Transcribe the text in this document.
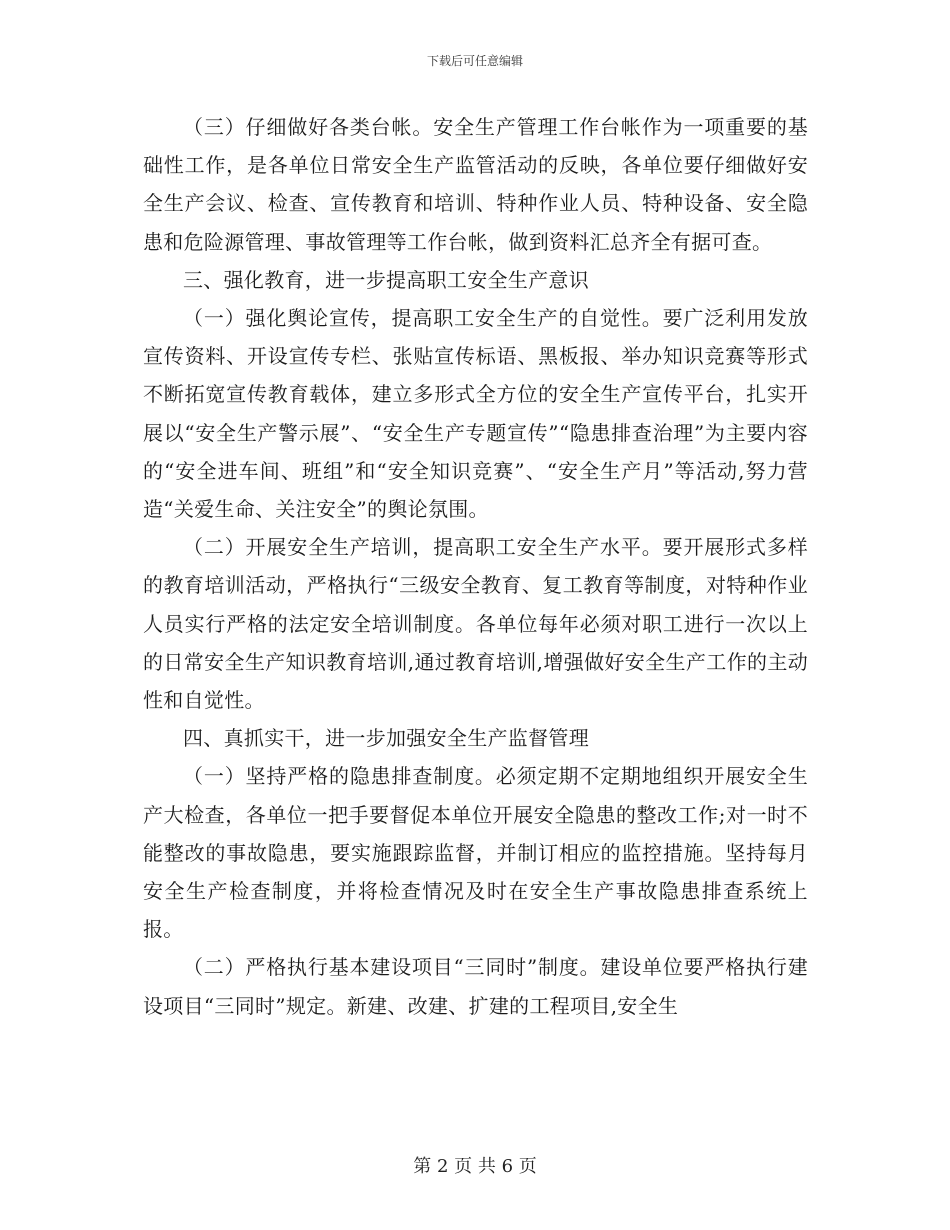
下载后可任意编辑

（三）仔细做好各类台帐。安全生产管理工作台帐作为一项重要的基础性工作，是各单位日常安全生产监管活动的反映，各单位要仔细做好安全生产会议、检查、宣传教育和培训、特种作业人员、特种设备、安全隐患和危险源管理、事故管理等工作台帐，做到资料汇总齐全有据可查。

三、强化教育，进一步提高职工安全生产意识

（一）强化舆论宣传，提高职工安全生产的自觉性。要广泛利用发放宣传资料、开设宣传专栏、张贴宣传标语、黑板报、举办知识竞赛等形式不断拓宽宣传教育载体，建立多形式全方位的安全生产宣传平台，扎实开展以“安全生产警示展”、“安全生产专题宣传”“隐患排查治理”为主要内容的“安全进车间、班组”和“安全知识竞赛”、“安全生产月”等活动,努力营造“关爱生命、关注安全”的舆论氛围。

（二）开展安全生产培训，提高职工安全生产水平。要开展形式多样的教育培训活动，严格执行“三级安全教育、复工教育等制度，对特种作业人员实行严格的法定安全培训制度。各单位每年必须对职工进行一次以上的日常安全生产知识教育培训,通过教育培训,增强做好安全生产工作的主动性和自觉性。

四、真抓实干，进一步加强安全生产监督管理

（一）坚持严格的隐患排查制度。必须定期不定期地组织开展安全生产大检查，各单位一把手要督促本单位开展安全隐患的整改工作;对一时不能整改的事故隐患，要实施跟踪监督，并制订相应的监控措施。坚持每月安全生产检查制度，并将检查情况及时在安全生产事故隐患排查系统上报。

（二）严格执行基本建设项目“三同时”制度。建设单位要严格执行建设项目“三同时”规定。新建、改建、扩建的工程项目,安全生

第 2 页 共 6 页
